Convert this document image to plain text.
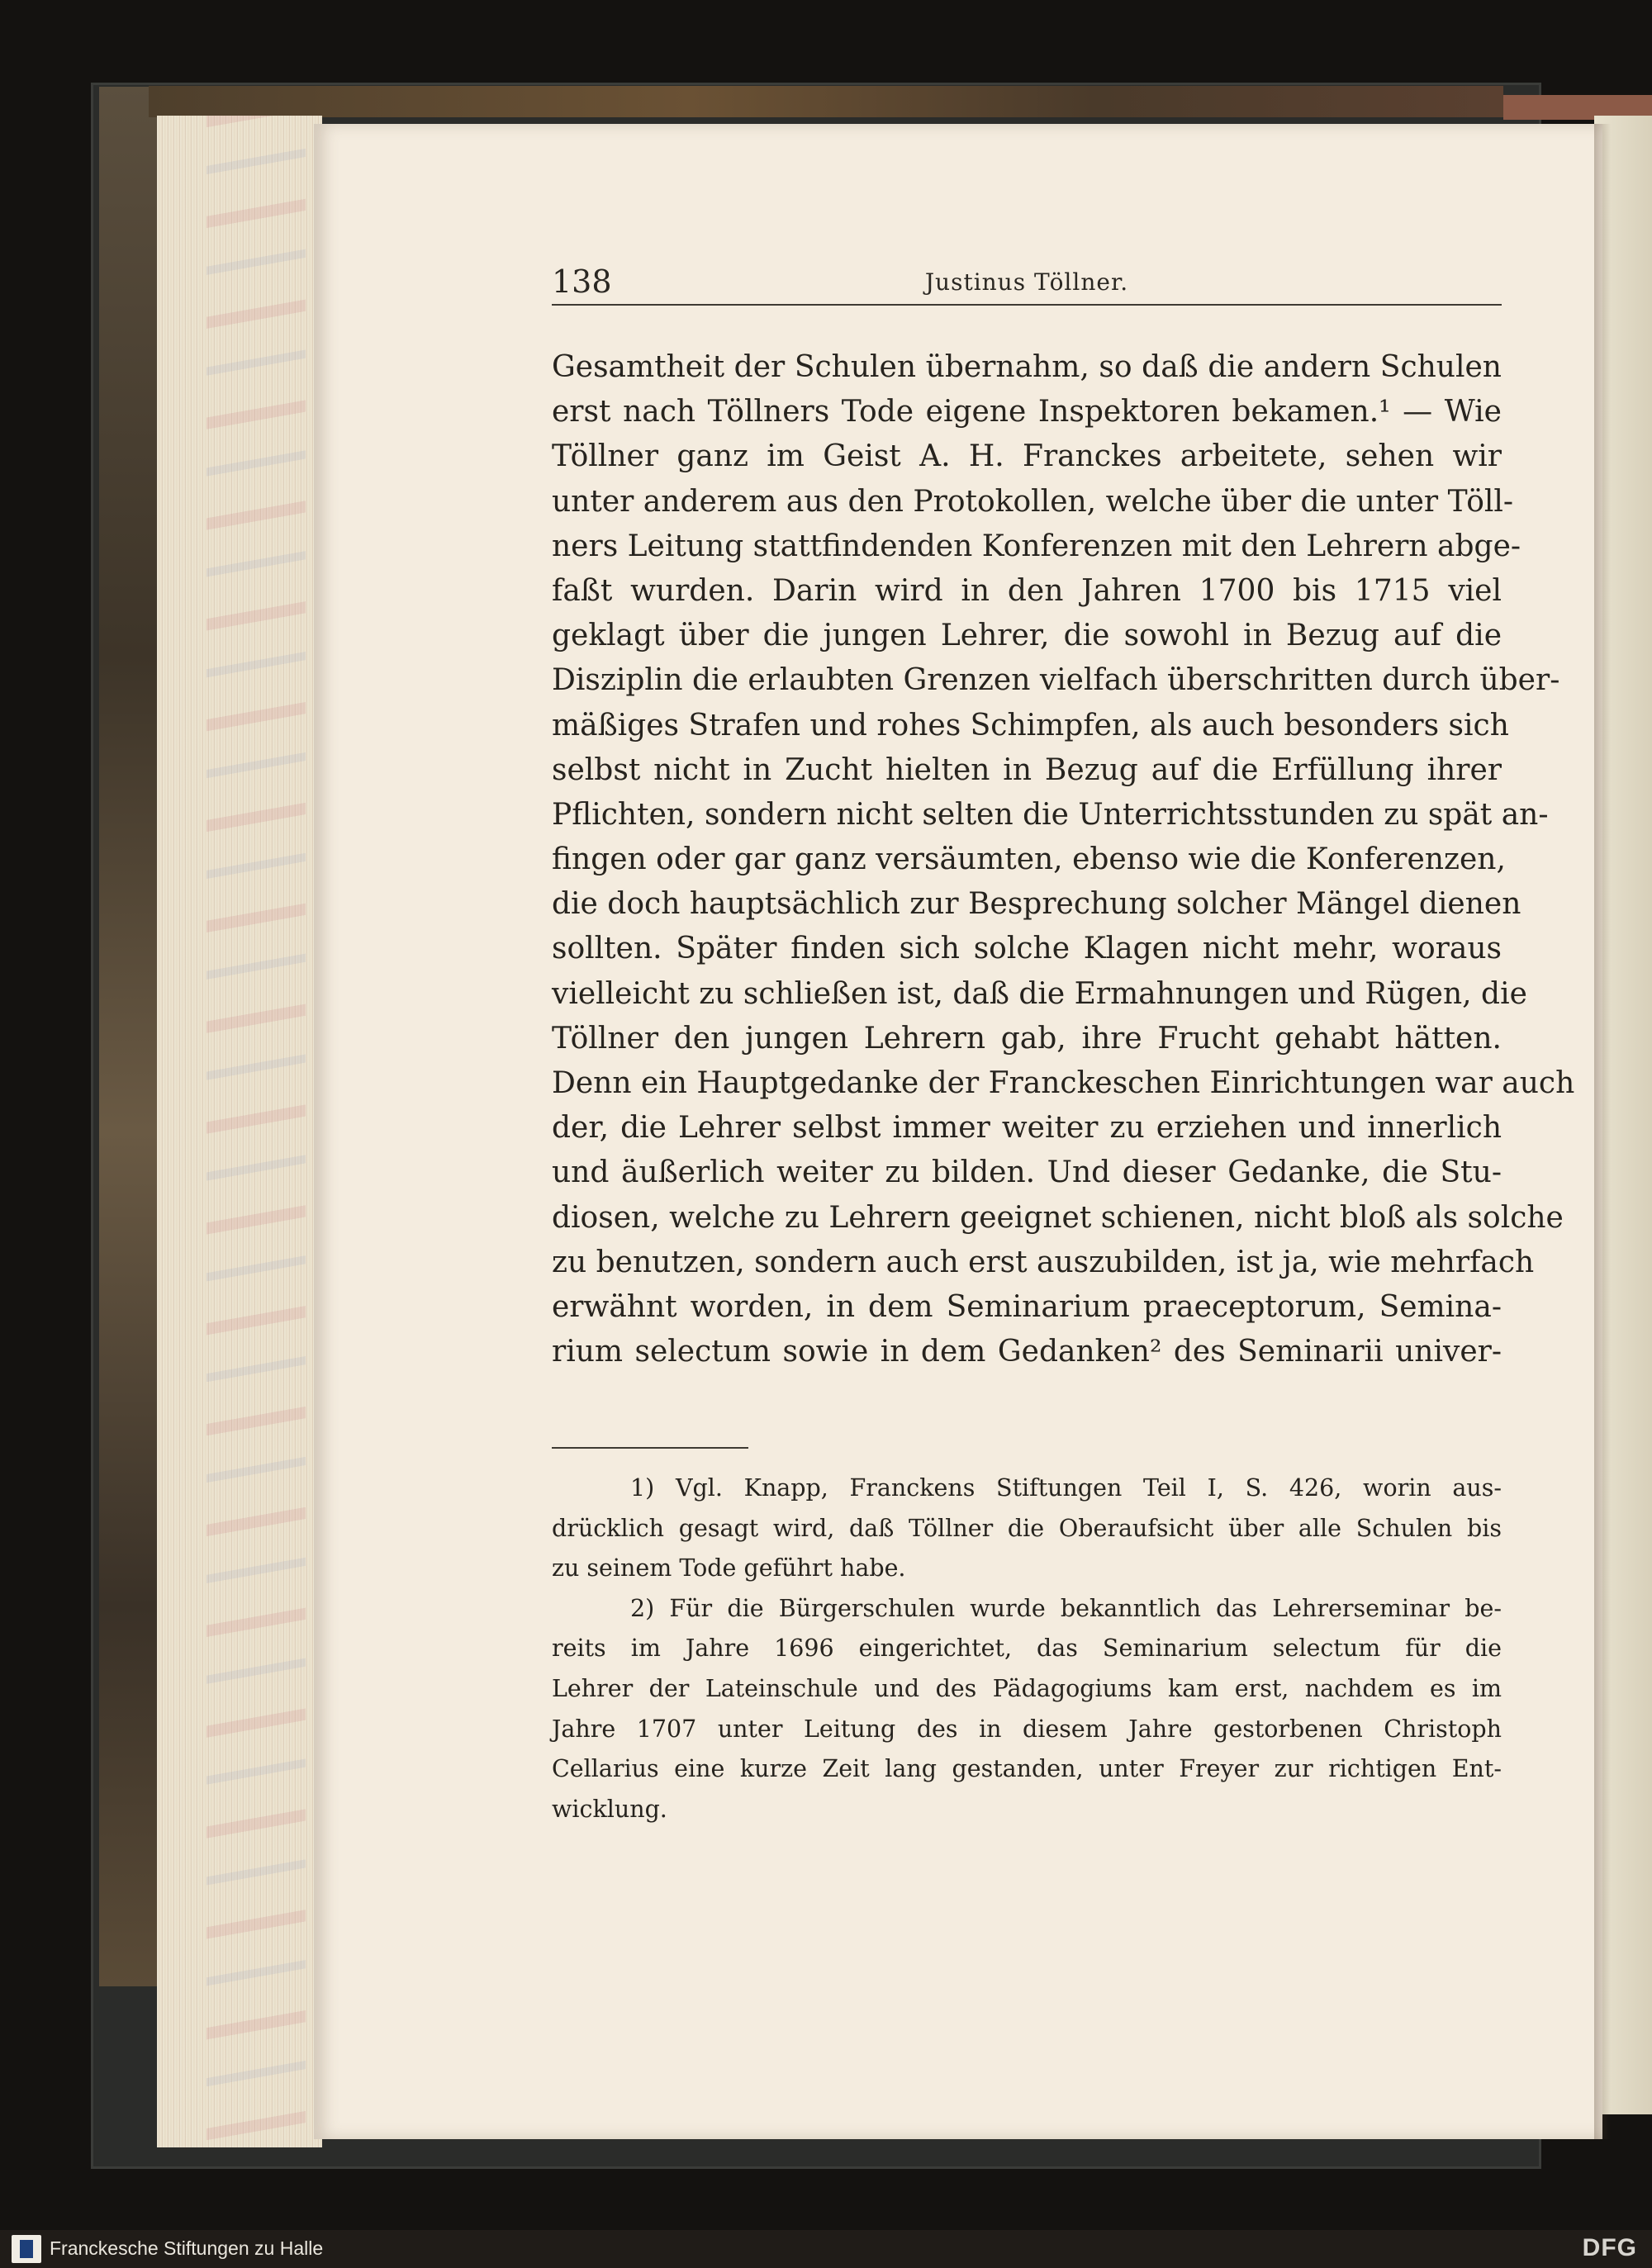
138	Justinus Töllner.
Gesamtheit der Schulen übernahm, so daß die andern Schulen
erst nach Töllners Tode eigene Inspektoren bekamen.¹ — Wie
Töllner ganz im Geist A. H. Franckes arbeitete, sehen wir
unter anderem aus den Protokollen, welche über die unter Töll-
ners Leitung stattfindenden Konferenzen mit den Lehrern abge-
faßt wurden. Darin wird in den Jahren 1700 bis 1715 viel
geklagt über die jungen Lehrer, die sowohl in Bezug auf die
Disziplin die erlaubten Grenzen vielfach überschritten durch über-
mäßiges Strafen und rohes Schimpfen, als auch besonders sich
selbst nicht in Zucht hielten in Bezug auf die Erfüllung ihrer
Pflichten, sondern nicht selten die Unterrichtsstunden zu spät an-
fingen oder gar ganz versäumten, ebenso wie die Konferenzen,
die doch hauptsächlich zur Besprechung solcher Mängel dienen
sollten. Später finden sich solche Klagen nicht mehr, woraus
vielleicht zu schließen ist, daß die Ermahnungen und Rügen, die
Töllner den jungen Lehrern gab, ihre Frucht gehabt hätten.
Denn ein Hauptgedanke der Franckeschen Einrichtungen war auch
der, die Lehrer selbst immer weiter zu erziehen und innerlich
und äußerlich weiter zu bilden. Und dieser Gedanke, die Stu-
diosen, welche zu Lehrern geeignet schienen, nicht bloß als solche
zu benutzen, sondern auch erst auszubilden, ist ja, wie mehrfach
erwähnt worden, in dem Seminarium praeceptorum, Semina-
rium selectum sowie in dem Gedanken² des Seminarii univer-
1) Vgl. Knapp, Franckens Stiftungen Teil I, S. 426, worin aus-
drücklich gesagt wird, daß Töllner die Oberaufsicht über alle Schulen bis
zu seinem Tode geführt habe.
2) Für die Bürgerschulen wurde bekanntlich das Lehrerseminar be-
reits im Jahre 1696 eingerichtet, das Seminarium selectum für die
Lehrer der Lateinschule und des Pädagogiums kam erst, nachdem es im
Jahre 1707 unter Leitung des in diesem Jahre gestorbenen Christoph
Cellarius eine kurze Zeit lang gestanden, unter Freyer zur richtigen Ent-
wicklung.
Franckesche Stiftungen zu Halle	DFG
